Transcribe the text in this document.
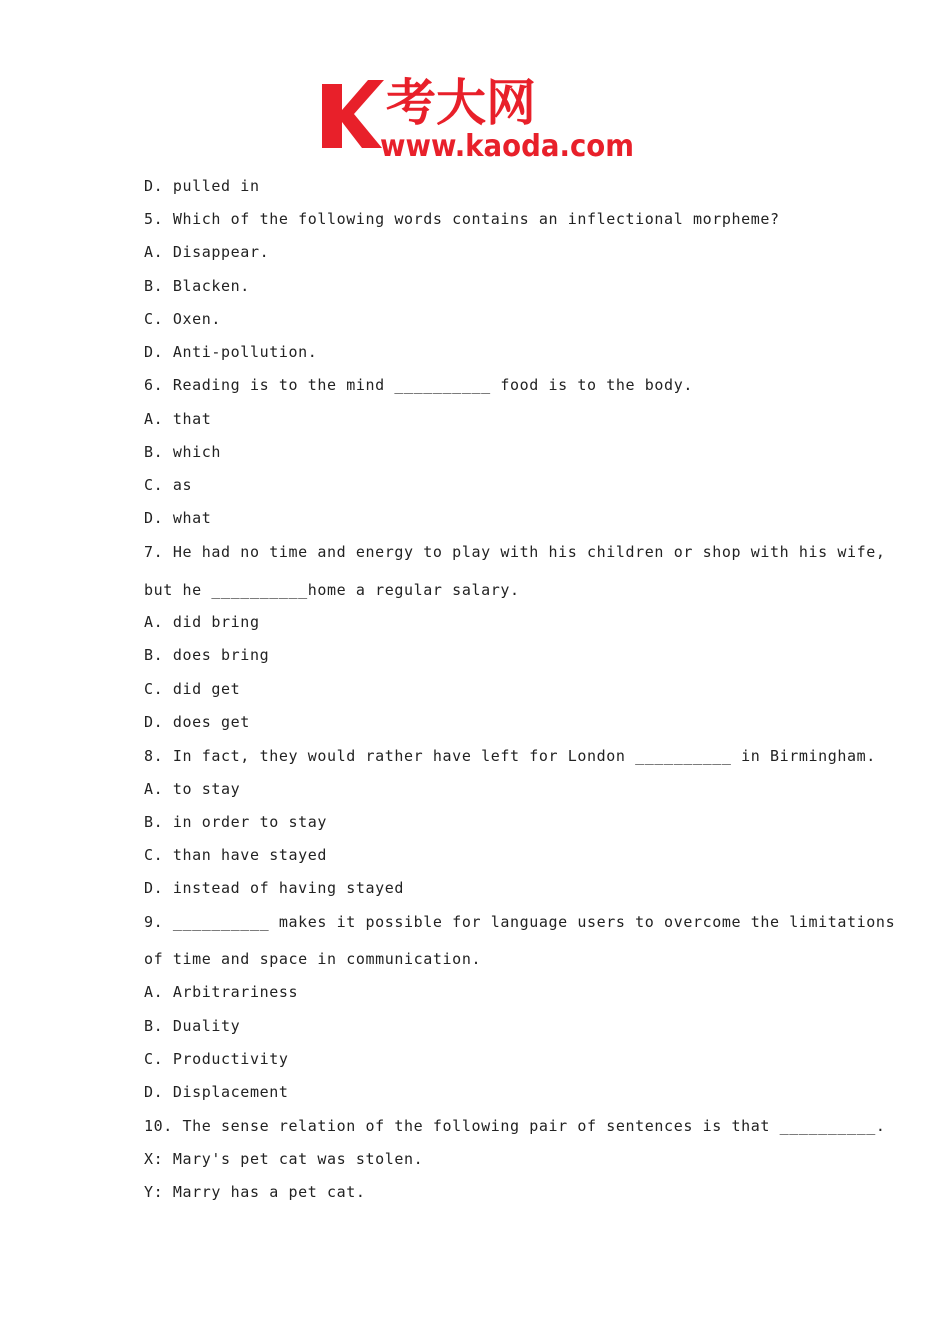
考大网
www.kaoda.com
D. pulled in
5. Which of the following words contains an inflectional morpheme?
A. Disappear.
B. Blacken.
C. Oxen.
D. Anti-pollution.
6. Reading is to the mind __________ food is to the body.
A. that
B. which
C. as
D. what
7. He had no time and energy to play with his children or shop with his wife,
but he __________home a regular salary.
A. did bring
B. does bring
C. did get
D. does get
8. In fact, they would rather have left for London __________ in Birmingham.
A. to stay
B. in order to stay
C. than have stayed
D. instead of having stayed
9. __________ makes it possible for language users to overcome the limitations
of time and space in communication.
A. Arbitrariness
B. Duality
C. Productivity
D. Displacement
10. The sense relation of the following pair of sentences is that __________.
X: Mary's pet cat was stolen.
Y: Marry has a pet cat.
